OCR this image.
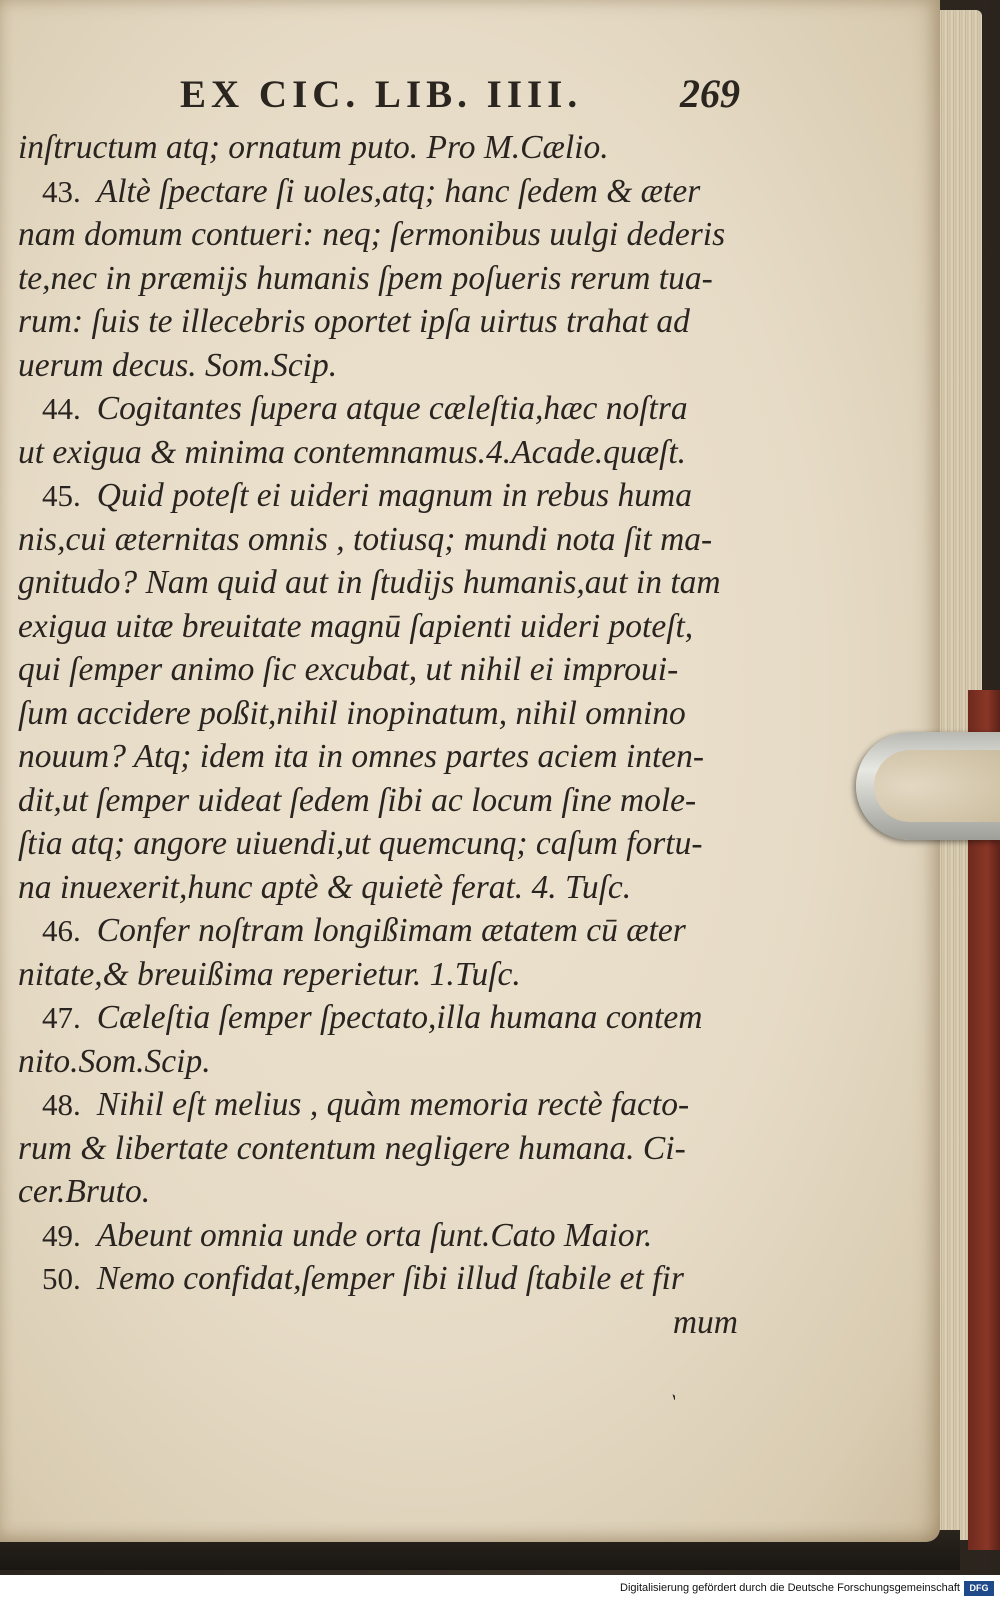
EX CIC. LIB. IIII. 269
inſtructum atq; ornatum puto. Pro M.Cælio.
43. Altè ſpectare ſi uoles,atq; hanc ſedem & æter
nam domum contueri: neq; ſermonibus uulgi dederis
te,nec in præmijs humanis ſpem poſueris rerum tua-
rum: ſuis te illecebris oportet ipſa uirtus trahat ad
uerum decus. Som.Scip.
44. Cogitantes ſupera atque cæleſtia,hæc noſtra
ut exigua & minima contemnamus.4.Acade.quæſt.
45. Quid poteſt ei uideri magnum in rebus huma
nis,cui æternitas omnis , totiusq; mundi nota ſit ma-
gnitudo? Nam quid aut in ſtudijs humanis,aut in tam
exigua uitæ breuitate magnū ſapienti uideri poteſt,
qui ſemper animo ſic excubat, ut nihil ei improui-
ſum accidere poßit,nihil inopinatum, nihil omnino
nouum? Atq; idem ita in omnes partes aciem inten-
dit,ut ſemper uideat ſedem ſibi ac locum ſine mole-
ſtia atq; angore uiuendi,ut quemcunq; caſum fortu-
na inuexerit,hunc aptè & quietè ferat. 4. Tuſc.
46. Confer noſtram longißimam ætatem cū æter
nitate,& breuißima reperietur. 1.Tuſc.
47. Cæleſtia ſemper ſpectato,illa humana contem
nito.Som.Scip.
48. Nihil eſt melius , quàm memoria rectè facto-
rum & libertate contentum negligere humana. Ci-
cer.Bruto.
49. Abeunt omnia unde orta ſunt.Cato Maior.
50. Nemo confidat,ſemper ſibi illud ſtabile et fir
mum
˴
Digitalisierung gefördert durch die Deutsche Forschungsgemeinschaft	DFG
